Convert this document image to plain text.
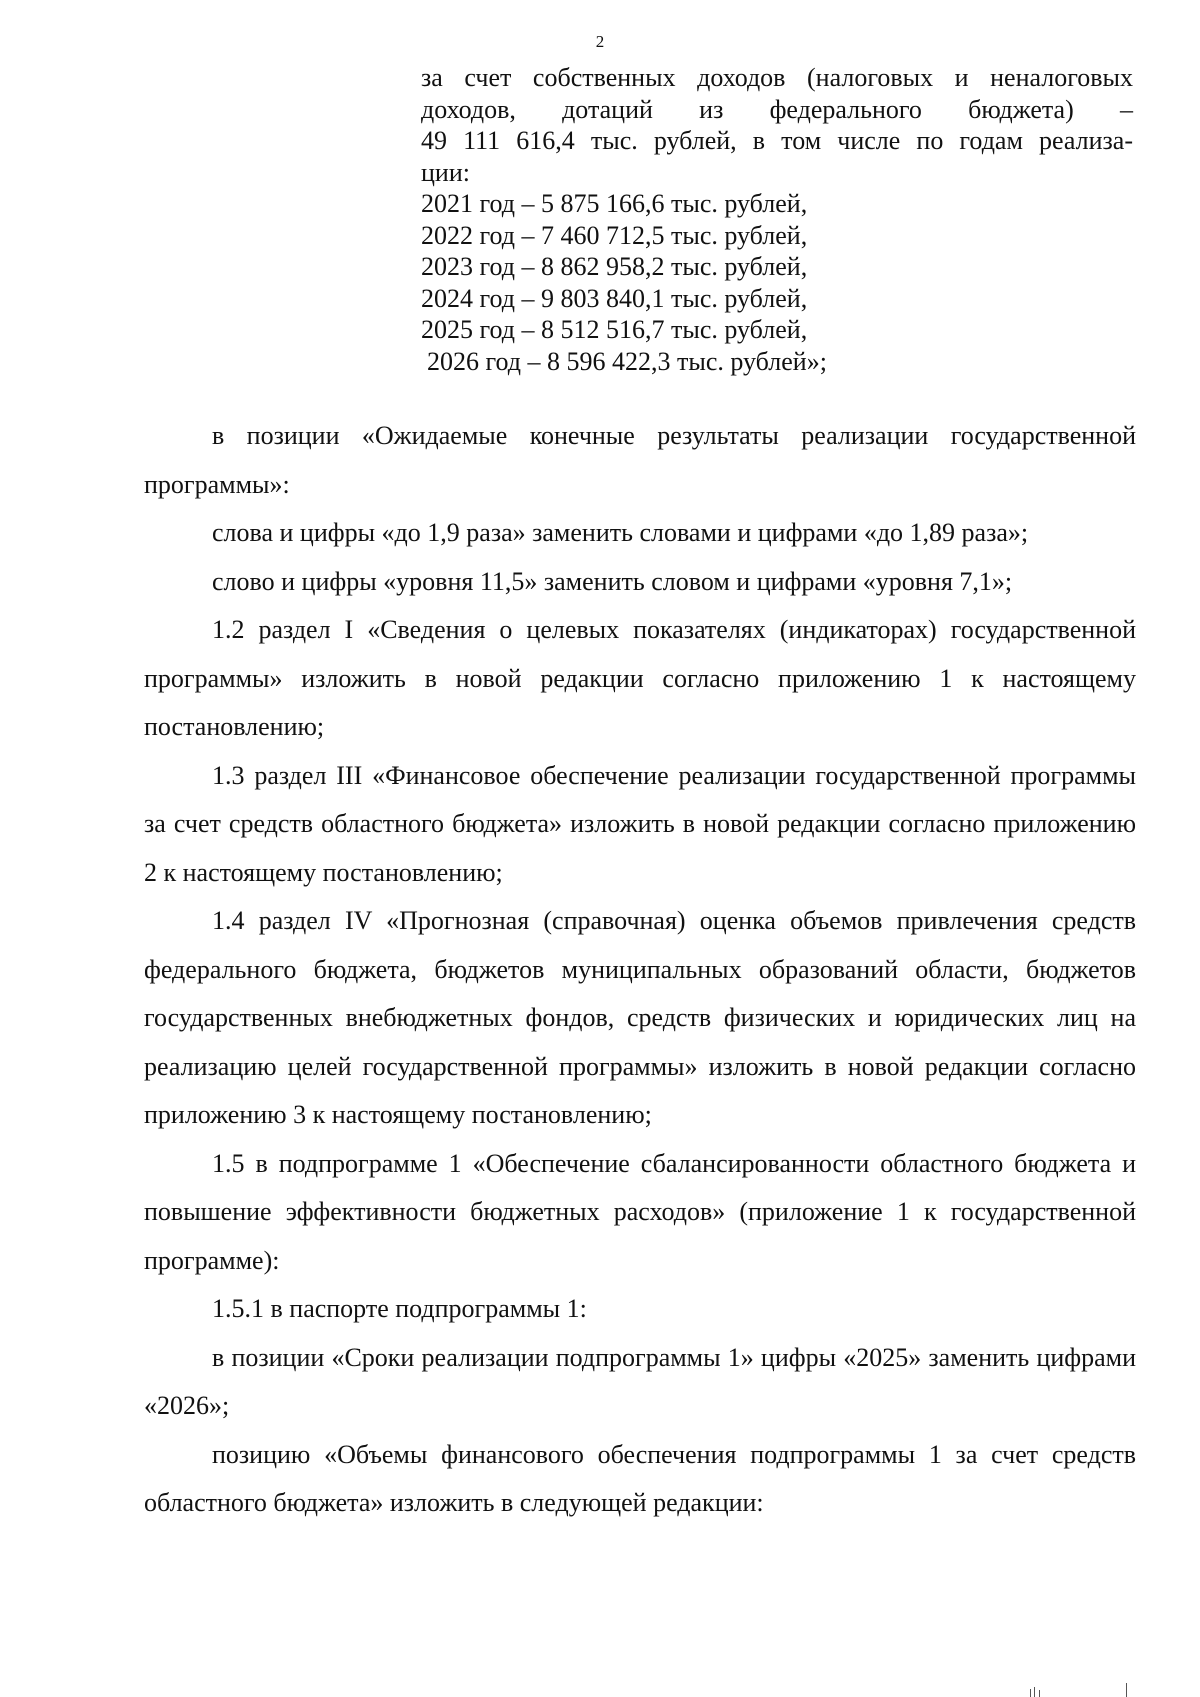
2
за счет собственных доходов (налоговых и неналоговых
доходов, дотаций из федерального бюджета) –
49 111 616,4 тыс. рублей, в том числе по годам реализа-
ции:
2021 год – 5 875 166,6 тыс. рублей,
2022 год – 7 460 712,5 тыс. рублей,
2023 год – 8 862 958,2 тыс. рублей,
2024 год – 9 803 840,1 тыс. рублей,
2025 год – 8 512 516,7 тыс. рублей,
2026 год – 8 596 422,3 тыс. рублей»;

в позиции «Ожидаемые конечные результаты реализации государственной программы»:

слова и цифры «до 1,9 раза» заменить словами и цифрами «до 1,89 раза»;

слово и цифры «уровня 11,5» заменить словом и цифрами «уровня 7,1»;

1.2 раздел I «Сведения о целевых показателях (индикаторах) государственной программы» изложить в новой редакции согласно приложению 1 к настоящему постановлению;

1.3 раздел III «Финансовое обеспечение реализации государственной программы за счет средств областного бюджета» изложить в новой редакции согласно приложению 2 к настоящему постановлению;

1.4 раздел IV «Прогнозная (справочная) оценка объемов привлечения средств федерального бюджета, бюджетов муниципальных образований области, бюджетов государственных внебюджетных фондов, средств физических и юридических лиц на реализацию целей государственной программы» изложить в новой редакции согласно приложению 3 к настоящему постановлению;

1.5 в подпрограмме 1 «Обеспечение сбалансированности областного бюджета и повышение эффективности бюджетных расходов» (приложение 1 к государственной программе):

1.5.1 в паспорте подпрограммы 1:

в позиции «Сроки реализации подпрограммы 1» цифры «2025» заменить цифрами «2026»;

позицию «Объемы финансового обеспечения подпрограммы 1 за счет средств областного бюджета» изложить в следующей редакции:
